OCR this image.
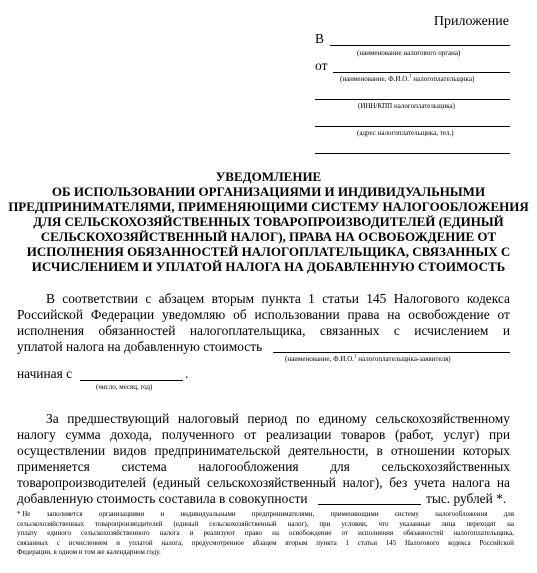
Приложение
В
(наименование налогового органа)
от
(наименование, Ф.И.О.$^1$ налогоплательщика)
(ИНН/КПП налогоплательщика)
(адрес налогоплательщика, тел.)
УВЕДОМЛЕНИЕ
ОБ ИСПОЛЬЗОВАНИИ ОРГАНИЗАЦИЯМИ И ИНДИВИДУАЛЬНЫМИ
ПРЕДПРИНИМАТЕЛЯМИ, ПРИМЕНЯЮЩИМИ СИСТЕМУ НАЛОГООБЛОЖЕНИЯ
ДЛЯ СЕЛЬСКОХОЗЯЙСТВЕННЫХ ТОВАРОПРОИЗВОДИТЕЛЕЙ (ЕДИНЫЙ
СЕЛЬСКОХОЗЯЙСТВЕННЫЙ НАЛОГ), ПРАВА НА ОСВОБОЖДЕНИЕ ОТ
ИСПОЛНЕНИЯ ОБЯЗАННОСТЕЙ НАЛОГОПЛАТЕЛЬЩИКА, СВЯЗАННЫХ С
ИСЧИСЛЕНИЕМ И УПЛАТОЙ НАЛОГА НА ДОБАВЛЕННУЮ СТОИМОСТЬ
В соответствии с абзацем вторым пункта 1 статьи 145 Налогового кодекса
Российской Федерации уведомляю об использовании права на освобождение от
исполнения обязанностей налогоплательщика, связанных с исчислением и
уплатой налога на добавленную стоимость
(наименование, Ф.И.О.$^1$ налогоплательщика-заявителя)
начиная с	.
(число, месяц, год)
За предшествующий налоговый период по единому сельскохозяйственному
налогу сумма дохода, полученного от реализации товаров (работ, услуг) при
осуществлении видов предпринимательской деятельности, в отношении которых
применяется система налогообложения для сельскохозяйственных
товаропроизводителей (единый сельскохозяйственный налог), без учета налога на
добавленную стоимость составила в совокупности	тыс. рублей *.
* Не заполняется организациями и индивидуальными предпринимателями, применяющими систему налогообложения для
сельскохозяйственных товаропроизводителей (единый сельскохозяйственный налог), при условии, что указанные лица переходят на
уплату единого сельскохозяйственного налога и реализуют право на освобождение от исполнения обязанностей налогоплательщика,
связанных с исчислением и уплатой налога, предусмотренное абзацем вторым пункта 1 статьи 145 Налогового кодекса Российской
Федерации, в одном и том же календарном году.
